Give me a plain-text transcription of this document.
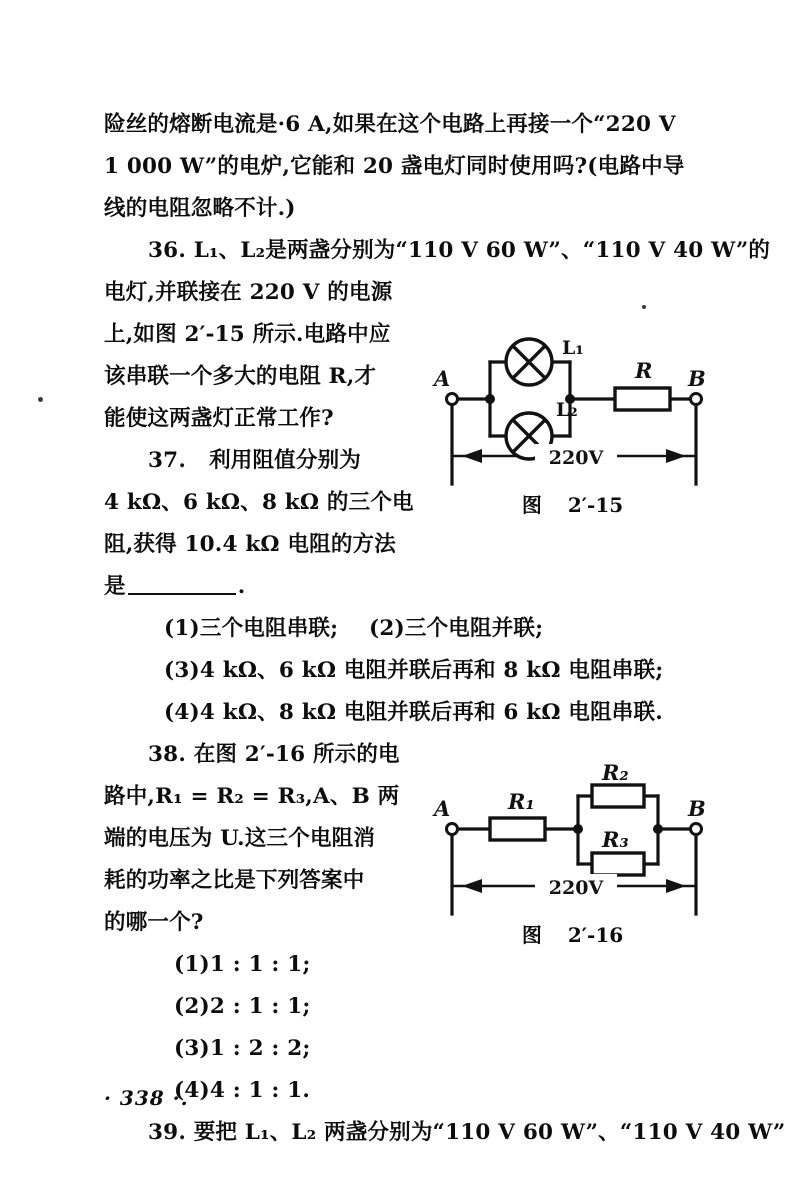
险丝的熔断电流是·6 A,如果在这个电路上再接一个“220 V
1 000 W”的电炉,它能和 20 盏电灯同时使用吗?(电路中导
线的电阻忽略不计.)
36. L₁、L₂是两盏分别为“110 V 60 W”、“110 V 40 W”的
电灯,并联接在 220 V 的电源
上,如图 2′-15 所示.电路中应
该串联一个多大的电阻 R,才
能使这两盏灯正常工作?
37. 利用阻值分别为
4 kΩ、6 kΩ、8 kΩ 的三个电
阻,获得 10.4 kΩ 电阻的方法
是	.
(1)三个电阻串联; (2)三个电阻并联;
(3)4 kΩ、6 kΩ 电阻并联后再和 8 kΩ 电阻串联;
(4)4 kΩ、8 kΩ 电阻并联后再和 6 kΩ 电阻串联.
38. 在图 2′-16 所示的电
路中,R₁ = R₂ = R₃,A、B 两
端的电压为 U.这三个电阻消
耗的功率之比是下列答案中
的哪一个?
(1)1 : 1 : 1;
(2)2 : 1 : 1;
(3)1 : 2 : 2;
(4)4 : 1 : 1.
39. 要把 L₁、L₂ 两盏分别为“110 V 60 W”、“110 V 40 W”
L₁
L₂
R
A	B
220V
图 2′-15
R₁
R₂
R₃
A	B
220V
图 2′-16
· 338 ·.
